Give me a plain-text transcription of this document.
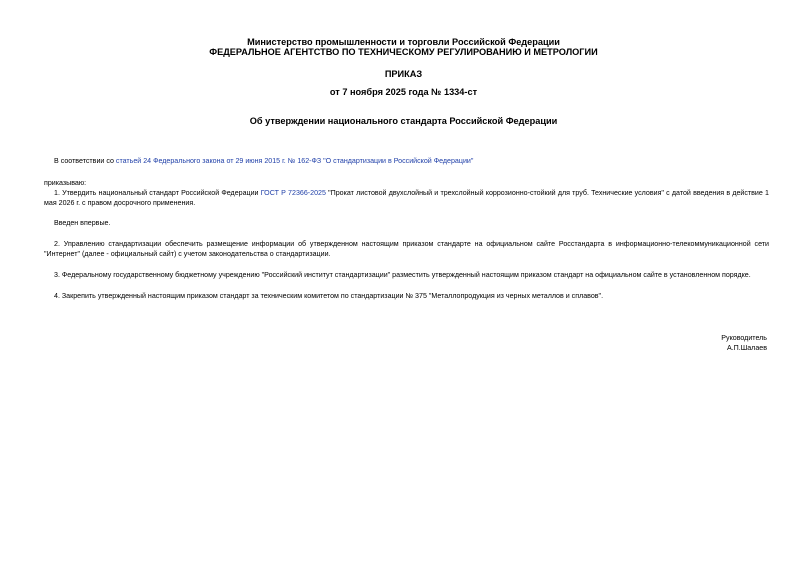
Министерство промышленности и торговли Российской Федерации
ФЕДЕРАЛЬНОЕ АГЕНТСТВО ПО ТЕХНИЧЕСКОМУ РЕГУЛИРОВАНИЮ И МЕТРОЛОГИИ
ПРИКАЗ
от 7 ноября 2025 года № 1334-ст
Об утверждении национального стандарта Российской Федерации
В соответствии со статьей 24 Федерального закона от 29 июня 2015 г. № 162-ФЗ "О стандартизации в Российской Федерации"
приказываю:
1. Утвердить национальный стандарт Российской Федерации ГОСТ Р 72366-2025 "Прокат листовой двухслойный и трехслойный коррозионно-стойкий для труб. Технические условия" с датой введения в действие 1 мая 2026 г. с правом досрочного применения.
Введен впервые.
2. Управлению стандартизации обеспечить размещение информации об утвержденном настоящим приказом стандарте на официальном сайте Росстандарта в информационно-телекоммуникационной сети "Интернет" (далее - официальный сайт) с учетом законодательства о стандартизации.
3. Федеральному государственному бюджетному учреждению "Российский институт стандартизации" разместить утвержденный настоящим приказом стандарт на официальном сайте в установленном порядке.
4. Закрепить утвержденный настоящим приказом стандарт за техническим комитетом по стандартизации № 375 "Металлопродукция из черных металлов и сплавов".
Руководитель
А.П.Шалаев
